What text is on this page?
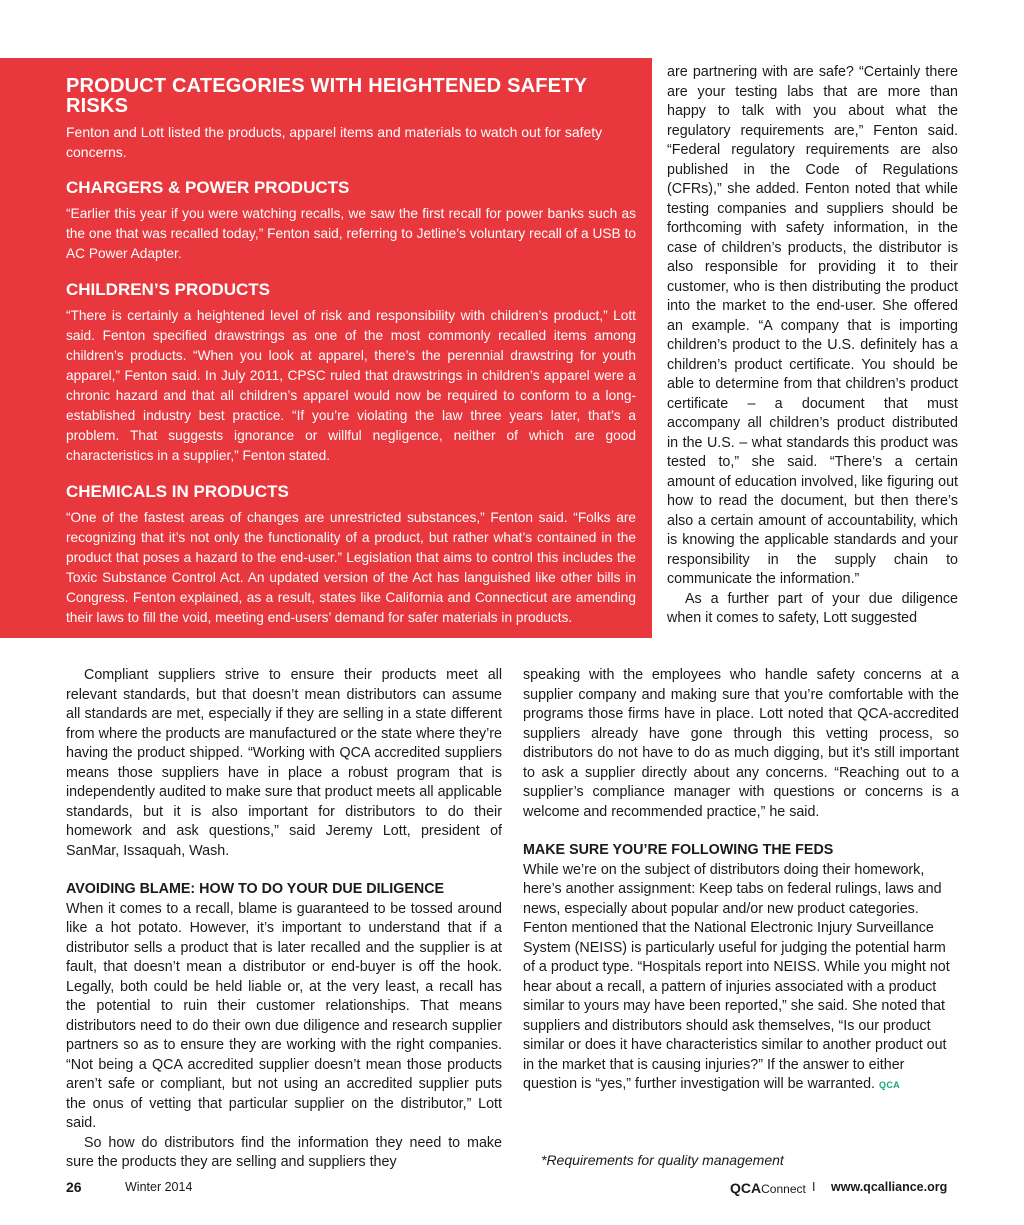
PRODUCT CATEGORIES WITH HEIGHTENED SAFETY RISKS

Fenton and Lott listed the products, apparel items and materials to watch out for safety concerns.

CHARGERS & POWER PRODUCTS

“Earlier this year if you were watching recalls, we saw the first recall for power banks such as the one that was recalled today,” Fenton said, referring to Jetline’s voluntary recall of a USB to AC Power Adapter.

CHILDREN’S PRODUCTS

“There is certainly a heightened level of risk and responsibility with children’s product,” Lott said. Fenton specified drawstrings as one of the most commonly recalled items among children’s products. “When you look at apparel, there’s the perennial drawstring for youth apparel,” Fenton said. In July 2011, CPSC ruled that drawstrings in children’s apparel were a chronic hazard and that all children’s apparel would now be required to conform to a long-established industry best practice. “If you’re violating the law three years later, that’s a problem. That suggests ignorance or willful negligence, neither of which are good characteristics in a supplier,” Fenton stated.

CHEMICALS IN PRODUCTS

“One of the fastest areas of changes are unrestricted substances,” Fenton said. “Folks are recognizing that it’s not only the functionality of a product, but rather what’s contained in the product that poses a hazard to the end-user.” Legislation that aims to control this includes the Toxic Substance Control Act. An updated version of the Act has languished like other bills in Congress. Fenton explained, as a result, states like California and Connecticut are amending their laws to fill the void, meeting end-users’ demand for safer materials in products.

are partnering with are safe? “Certainly there are your testing labs that are more than happy to talk with you about what the regulatory requirements are,” Fenton said. “Federal regulatory requirements are also published in the Code of Regulations (CFRs),” she added. Fenton noted that while testing companies and suppliers should be forthcoming with safety information, in the case of children’s products, the distributor is also responsible for providing it to their customer, who is then distributing the product into the market to the end-user. She offered an example. “A company that is importing children’s product to the U.S. definitely has a children’s product certificate. You should be able to determine from that children’s product certificate – a document that must accompany all children’s product distributed in the U.S. – what standards this product was tested to,” she said. “There’s a certain amount of education involved, like figuring out how to read the document, but then there’s also a certain amount of accountability, which is knowing the applicable standards and your responsibility in the supply chain to communicate the information.”

As a further part of your due diligence when it comes to safety, Lott suggested

Compliant suppliers strive to ensure their products meet all relevant standards, but that doesn’t mean distributors can assume all standards are met, especially if they are selling in a state different from where the products are manufactured or the state where they’re having the product shipped. “Working with QCA accredited suppliers means those suppliers have in place a robust program that is independently audited to make sure that product meets all applicable standards, but it is also important for distributors to do their homework and ask questions,” said Jeremy Lott, president of SanMar, Issaquah, Wash.

AVOIDING BLAME: HOW TO DO YOUR DUE DILIGENCE

When it comes to a recall, blame is guaranteed to be tossed around like a hot potato. However, it’s important to understand that if a distributor sells a product that is later recalled and the supplier is at fault, that doesn’t mean a distributor or end-buyer is off the hook. Legally, both could be held liable or, at the very least, a recall has the potential to ruin their customer relationships. That means distributors need to do their own due diligence and research supplier partners so as to ensure they are working with the right companies. “Not being a QCA accredited supplier doesn’t mean those products aren’t safe or compliant, but not using an accredited supplier puts the onus of vetting that particular supplier on the distributor,” Lott said.

So how do distributors find the information they need to make sure the products they are selling and suppliers they

speaking with the employees who handle safety concerns at a supplier company and making sure that you’re comfortable with the programs those firms have in place. Lott noted that QCA-accredited suppliers already have gone through this vetting process, so distributors do not have to do as much digging, but it’s still important to ask a supplier directly about any concerns. “Reaching out to a supplier’s compliance manager with questions or concerns is a welcome and recommended practice,” he said.

MAKE SURE YOU’RE FOLLOWING THE FEDS

While we’re on the subject of distributors doing their homework, here’s another assignment: Keep tabs on federal rulings, laws and news, especially about popular and/or new product categories. Fenton mentioned that the National Electronic Injury Surveillance System (NEISS) is particularly useful for judging the potential harm of a product type. “Hospitals report into NEISS. While you might not hear about a recall, a pattern of injuries associated with a product similar to yours may have been reported,” she said. She noted that suppliers and distributors should ask themselves, “Is our product similar or does it have characteristics similar to another product out in the market that is causing injuries?” If the answer to either question is “yes,” further investigation will be warranted. QCA

*Requirements for quality management
26	Winter 2014	QCAConnect I www.qcalliance.org
